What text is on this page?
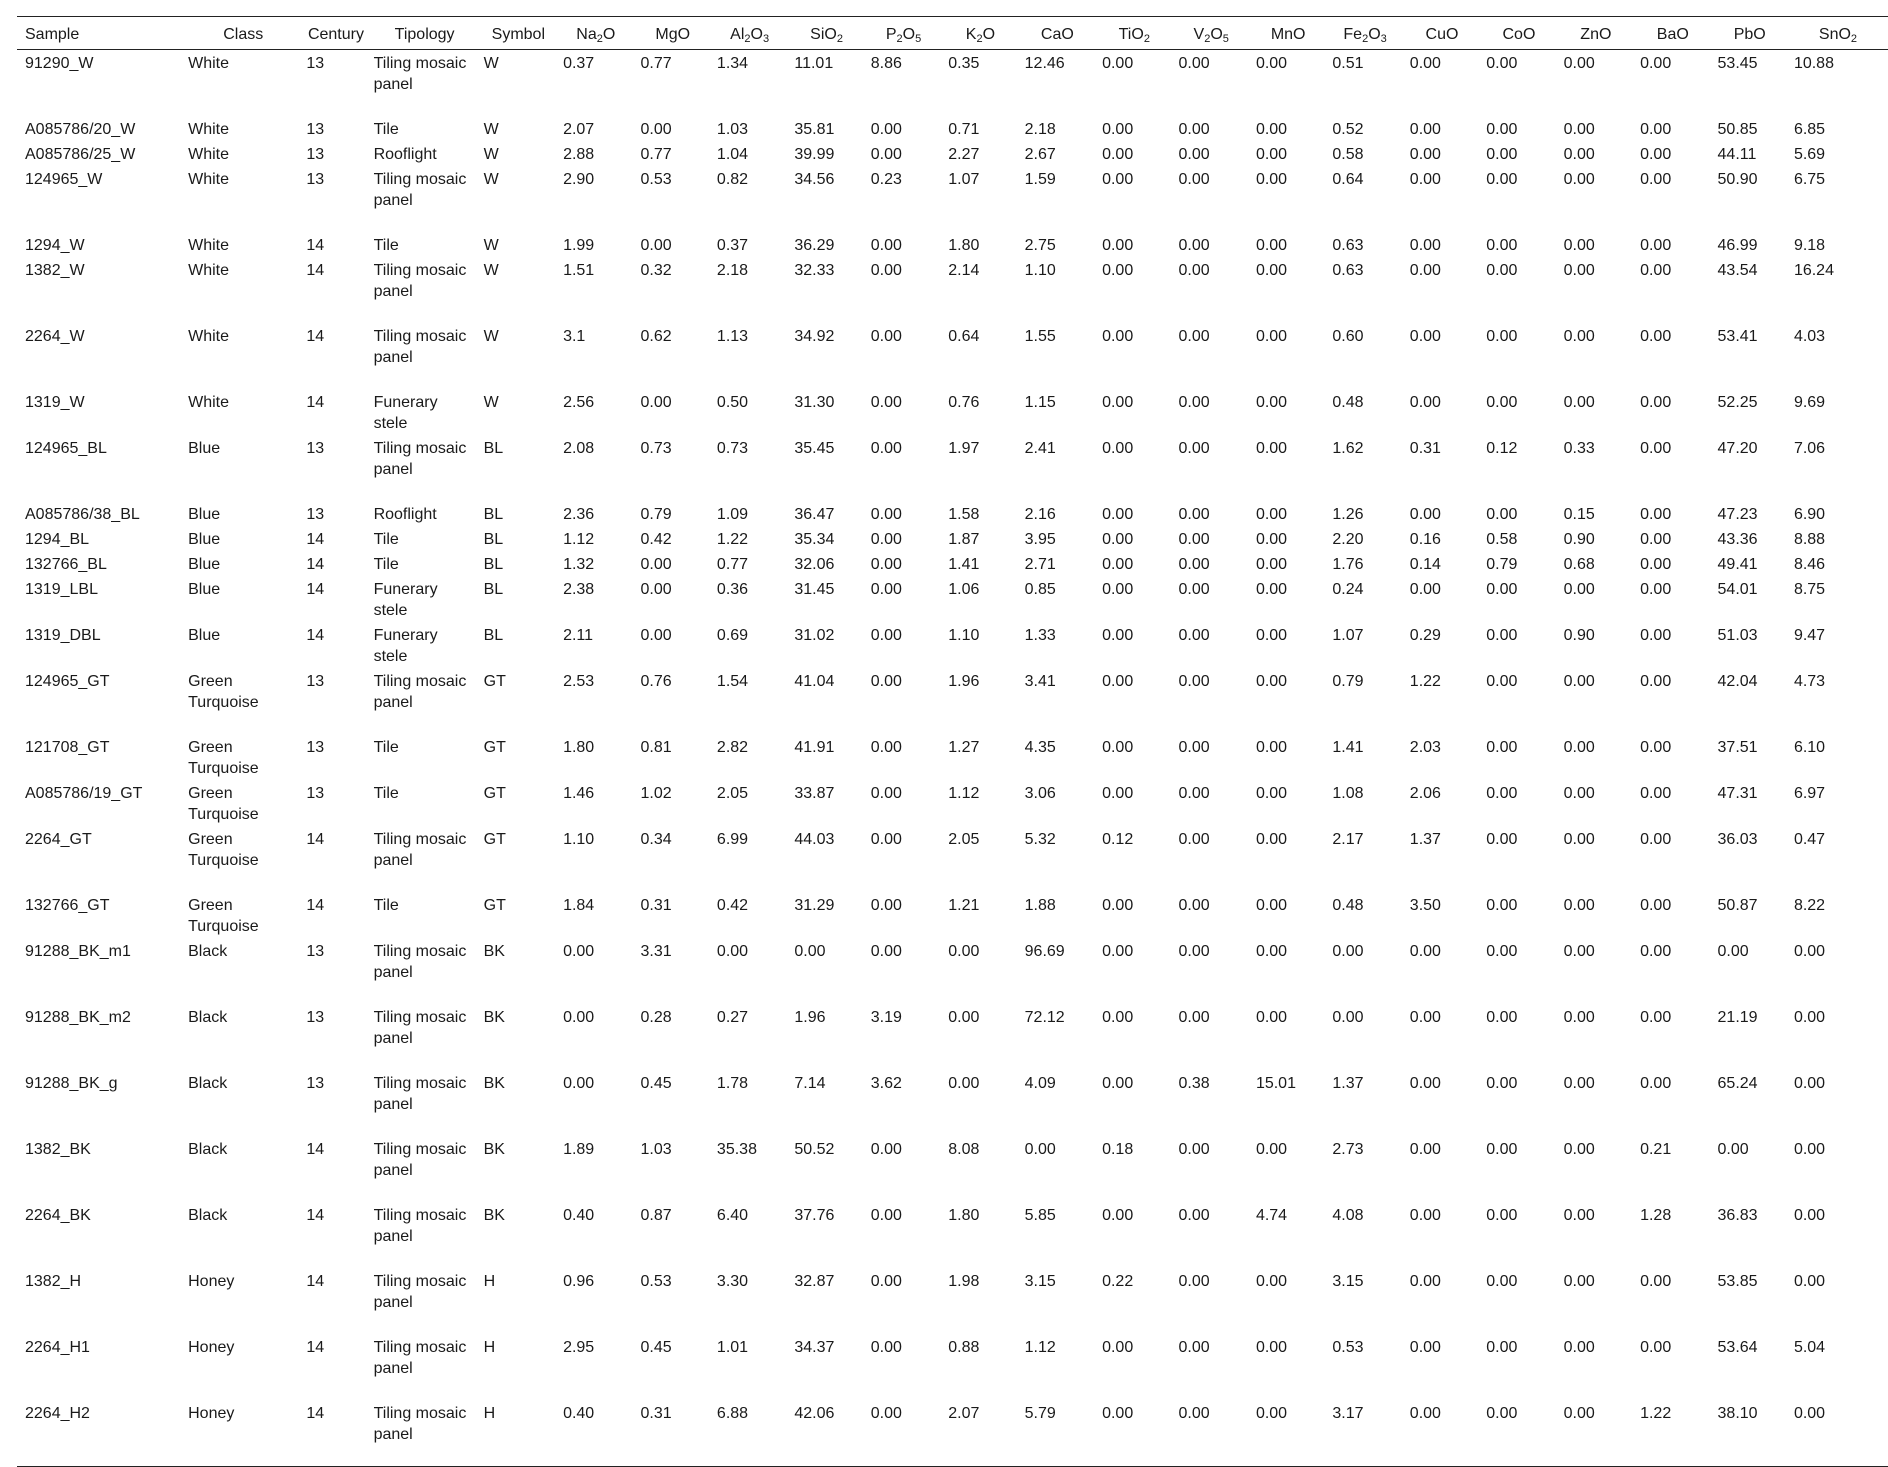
Sample	Class	Century	Tipology	Symbol	$Na_2O$	MgO	$Al_2O_3$	SiO$_2$	$P_2O_5$	$K_2O$	CaO	TiO$_2$	$V_2O_5$	MnO	$Fe_2O_3$	CuO	CoO	ZnO	BaO	PbO	SnO$_2$
91290_W	White	13	Tiling mosaic panel	W	0.37	0.77	1.34	11.01	8.86	0.35	12.46	0.00	0.00	0.00	0.51	0.00	0.00	0.00	0.00	53.45	10.88
A085786/20_W	White	13	Tile	W	2.07	0.00	1.03	35.81	0.00	0.71	2.18	0.00	0.00	0.00	0.52	0.00	0.00	0.00	0.00	50.85	6.85
A085786/25_W	White	13	Rooflight	W	2.88	0.77	1.04	39.99	0.00	2.27	2.67	0.00	0.00	0.00	0.58	0.00	0.00	0.00	0.00	44.11	5.69
124965_W	White	13	Tiling mosaic panel	W	2.90	0.53	0.82	34.56	0.23	1.07	1.59	0.00	0.00	0.00	0.64	0.00	0.00	0.00	0.00	50.90	6.75
1294_W	White	14	Tile	W	1.99	0.00	0.37	36.29	0.00	1.80	2.75	0.00	0.00	0.00	0.63	0.00	0.00	0.00	0.00	46.99	9.18
1382_W	White	14	Tiling mosaic panel	W	1.51	0.32	2.18	32.33	0.00	2.14	1.10	0.00	0.00	0.00	0.63	0.00	0.00	0.00	0.00	43.54	16.24
2264_W	White	14	Tiling mosaic panel	W	3.1	0.62	1.13	34.92	0.00	0.64	1.55	0.00	0.00	0.00	0.60	0.00	0.00	0.00	0.00	53.41	4.03
1319_W	White	14	Funerary stele	W	2.56	0.00	0.50	31.30	0.00	0.76	1.15	0.00	0.00	0.00	0.48	0.00	0.00	0.00	0.00	52.25	9.69
124965_BL	Blue	13	Tiling mosaic panel	BL	2.08	0.73	0.73	35.45	0.00	1.97	2.41	0.00	0.00	0.00	1.62	0.31	0.12	0.33	0.00	47.20	7.06
A085786/38_BL	Blue	13	Rooflight	BL	2.36	0.79	1.09	36.47	0.00	1.58	2.16	0.00	0.00	0.00	1.26	0.00	0.00	0.15	0.00	47.23	6.90
1294_BL	Blue	14	Tile	BL	1.12	0.42	1.22	35.34	0.00	1.87	3.95	0.00	0.00	0.00	2.20	0.16	0.58	0.90	0.00	43.36	8.88
132766_BL	Blue	14	Tile	BL	1.32	0.00	0.77	32.06	0.00	1.41	2.71	0.00	0.00	0.00	1.76	0.14	0.79	0.68	0.00	49.41	8.46
1319_LBL	Blue	14	Funerary stele	BL	2.38	0.00	0.36	31.45	0.00	1.06	0.85	0.00	0.00	0.00	0.24	0.00	0.00	0.00	0.00	54.01	8.75
1319_DBL	Blue	14	Funerary stele	BL	2.11	0.00	0.69	31.02	0.00	1.10	1.33	0.00	0.00	0.00	1.07	0.29	0.00	0.90	0.00	51.03	9.47
124965_GT	Green Turquoise	13	Tiling mosaic panel	GT	2.53	0.76	1.54	41.04	0.00	1.96	3.41	0.00	0.00	0.00	0.79	1.22	0.00	0.00	0.00	42.04	4.73
121708_GT	Green Turquoise	13	Tile	GT	1.80	0.81	2.82	41.91	0.00	1.27	4.35	0.00	0.00	0.00	1.41	2.03	0.00	0.00	0.00	37.51	6.10
A085786/19_GT	Green Turquoise	13	Tile	GT	1.46	1.02	2.05	33.87	0.00	1.12	3.06	0.00	0.00	0.00	1.08	2.06	0.00	0.00	0.00	47.31	6.97
2264_GT	Green Turquoise	14	Tiling mosaic panel	GT	1.10	0.34	6.99	44.03	0.00	2.05	5.32	0.12	0.00	0.00	2.17	1.37	0.00	0.00	0.00	36.03	0.47
132766_GT	Green Turquoise	14	Tile	GT	1.84	0.31	0.42	31.29	0.00	1.21	1.88	0.00	0.00	0.00	0.48	3.50	0.00	0.00	0.00	50.87	8.22
91288_BK_m1	Black	13	Tiling mosaic panel	BK	0.00	3.31	0.00	0.00	0.00	0.00	96.69	0.00	0.00	0.00	0.00	0.00	0.00	0.00	0.00	0.00	0.00
91288_BK_m2	Black	13	Tiling mosaic panel	BK	0.00	0.28	0.27	1.96	3.19	0.00	72.12	0.00	0.00	0.00	0.00	0.00	0.00	0.00	0.00	21.19	0.00
91288_BK_g	Black	13	Tiling mosaic panel	BK	0.00	0.45	1.78	7.14	3.62	0.00	4.09	0.00	0.38	15.01	1.37	0.00	0.00	0.00	0.00	65.24	0.00
1382_BK	Black	14	Tiling mosaic panel	BK	1.89	1.03	35.38	50.52	0.00	8.08	0.00	0.18	0.00	0.00	2.73	0.00	0.00	0.00	0.21	0.00	0.00
2264_BK	Black	14	Tiling mosaic panel	BK	0.40	0.87	6.40	37.76	0.00	1.80	5.85	0.00	0.00	4.74	4.08	0.00	0.00	0.00	1.28	36.83	0.00
1382_H	Honey	14	Tiling mosaic panel	H	0.96	0.53	3.30	32.87	0.00	1.98	3.15	0.22	0.00	0.00	3.15	0.00	0.00	0.00	0.00	53.85	0.00
2264_H1	Honey	14	Tiling mosaic panel	H	2.95	0.45	1.01	34.37	0.00	0.88	1.12	0.00	0.00	0.00	0.53	0.00	0.00	0.00	0.00	53.64	5.04
2264_H2	Honey	14	Tiling mosaic panel	H	0.40	0.31	6.88	42.06	0.00	2.07	5.79	0.00	0.00	0.00	3.17	0.00	0.00	0.00	1.22	38.10	0.00
